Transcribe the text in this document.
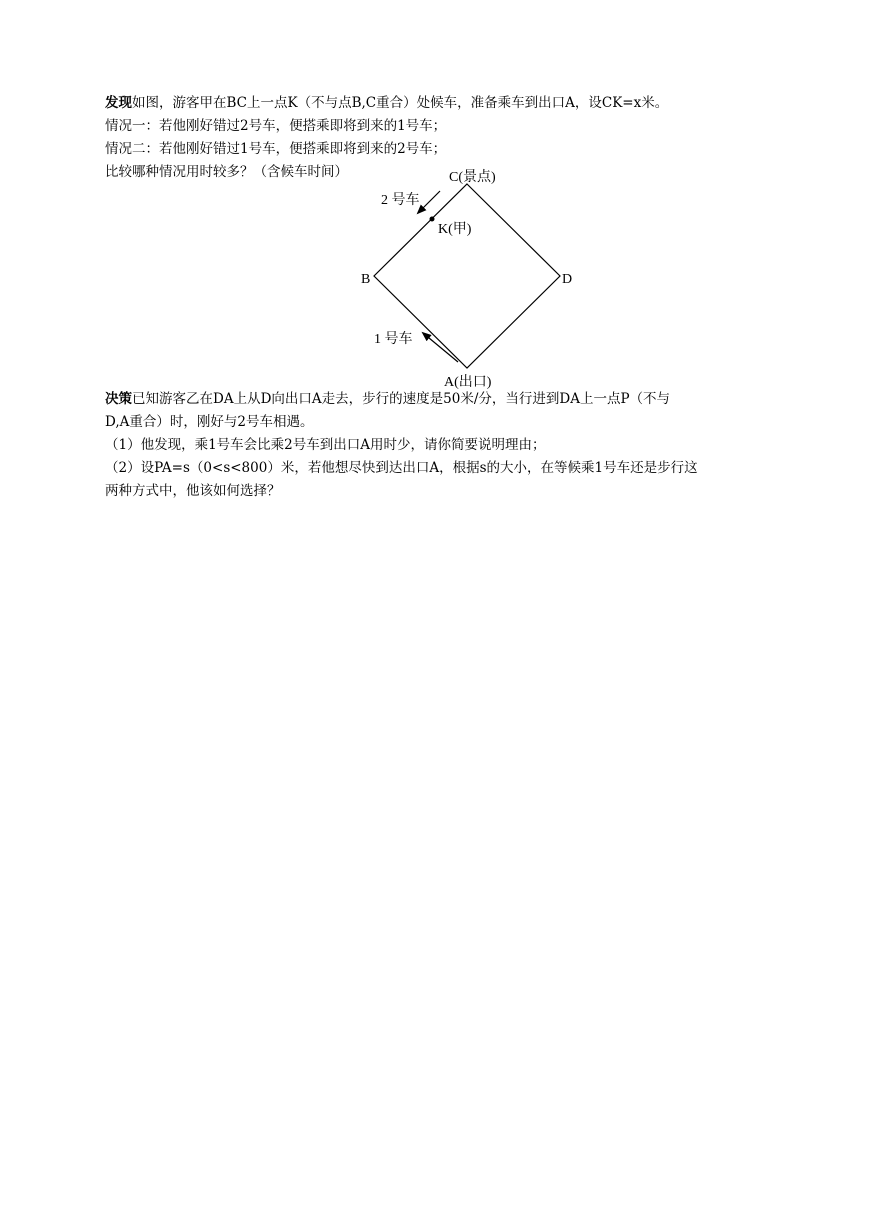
发现如图，游客甲在BC上一点K（不与点B,C重合）处候车，准备乘车到出口A，设CK=x米。
情况一：若他刚好错过2号车，便搭乘即将到来的1号车；
情况二：若他刚好错过1号车，便搭乘即将到来的2号车；
比较哪种情况用时较多？（含候车时间）	C(景点)
2 号车
K(甲)
B	D
1 号车
A(出口)
决策已知游客乙在DA上从D向出口A走去，步行的速度是50米/分，当行进到DA上一点P（不与
D,A重合）时，刚好与2号车相遇。
（1）他发现，乘1号车会比乘2号车到出口A用时少，请你简要说明理由；
（2）设PA=s（0<s<800）米，若他想尽快到达出口A，根据s的大小，在等候乘1号车还是步行这
两种方式中，他该如何选择？
